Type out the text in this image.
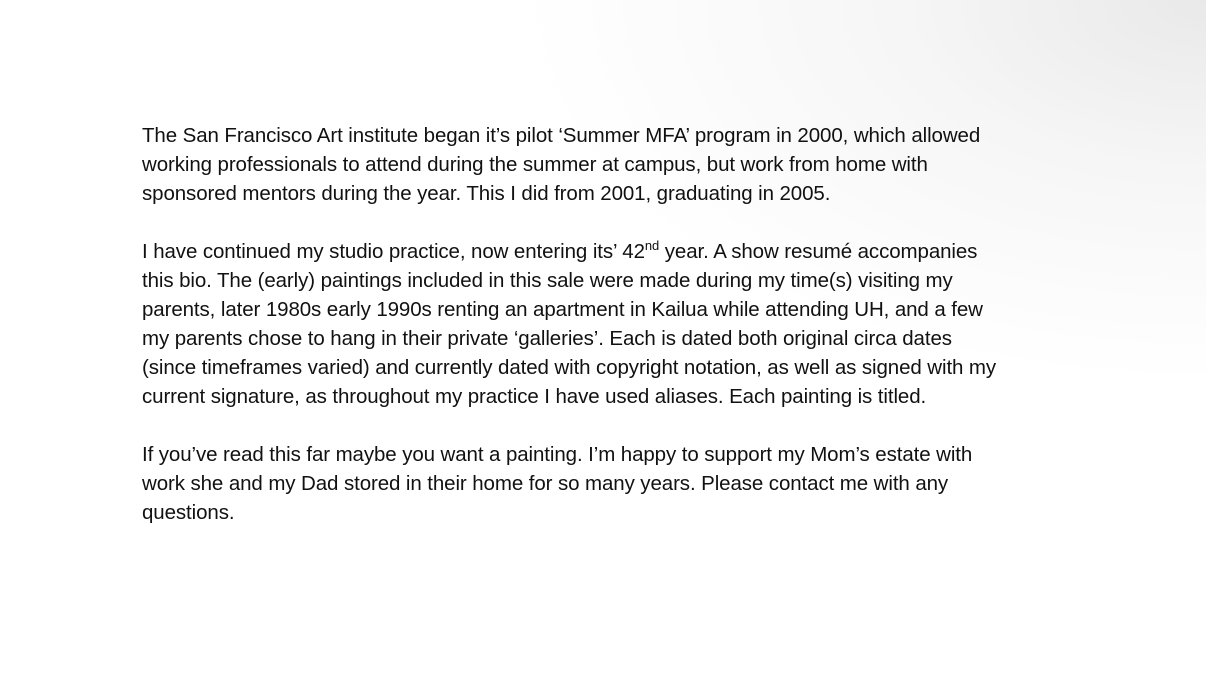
The San Francisco Art institute began it’s pilot ‘Summer MFA’ program in 2000, which allowed
working professionals to attend during the summer at campus, but work from home with
sponsored mentors during the year. This I did from 2001, graduating in 2005.

I have continued my studio practice, now entering its’ 42nd year. A show resumé accompanies
this bio. The (early) paintings included in this sale were made during my time(s) visiting my
parents, later 1980s early 1990s renting an apartment in Kailua while attending UH, and a few
my parents chose to hang in their private ‘galleries’. Each is dated both original circa dates
(since timeframes varied) and currently dated with copyright notation, as well as signed with my
current signature, as throughout my practice I have used aliases. Each painting is titled.

If you’ve read this far maybe you want a painting. I’m happy to support my Mom’s estate with
work she and my Dad stored in their home for so many years. Please contact me with any
questions.
